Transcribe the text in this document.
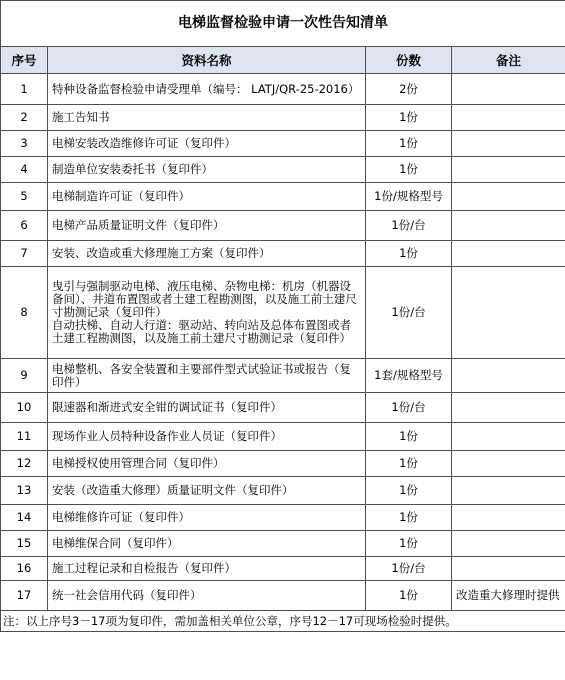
电梯监督检验申请一次性告知清单			
序号	资料名称	份数	备注
1	特种设备监督检验申请受理单（编号： LATJ/QR-25-2016）	2份	
2	施工告知书	1份	
3	电梯安装改造维修许可证（复印件）	1份	
4	制造单位安装委托书（复印件）	1份	
5	电梯制造许可证（复印件）	1份/规格型号	
6	电梯产品质量证明文件（复印件）	1份/台	
7	安装、改造或重大修理施工方案（复印件）	1份	
8	曳引与强制驱动电梯、液压电梯、杂物电梯：机房（机器设备间）、井道布置图或者土建工程勘测图，以及施工前土建尺寸勘测记录（复印件）
自动扶梯、自动人行道：驱动站、转向站及总体布置图或者土建工程勘测图，以及施工前土建尺寸勘测记录（复印件）	1份/台	
9	电梯整机、各安全装置和主要部件型式试验证书或报告（复印件）	1套/规格型号	
10	限速器和渐进式安全钳的调试证书（复印件）	1份/台	
11	现场作业人员特种设备作业人员证（复印件）	1份	
12	电梯授权使用管理合同（复印件）	1份	
13	安装（改造重大修理）质量证明文件（复印件）	1份	
14	电梯维修许可证（复印件）	1份	
15	电梯维保合同（复印件）	1份	
16	施工过程记录和自检报告（复印件）	1份/台	
17	统一社会信用代码（复印件）	1份	改造重大修理时提供
注：以上序号3－17项为复印件，需加盖相关单位公章，序号12－17可现场检验时提供。			
